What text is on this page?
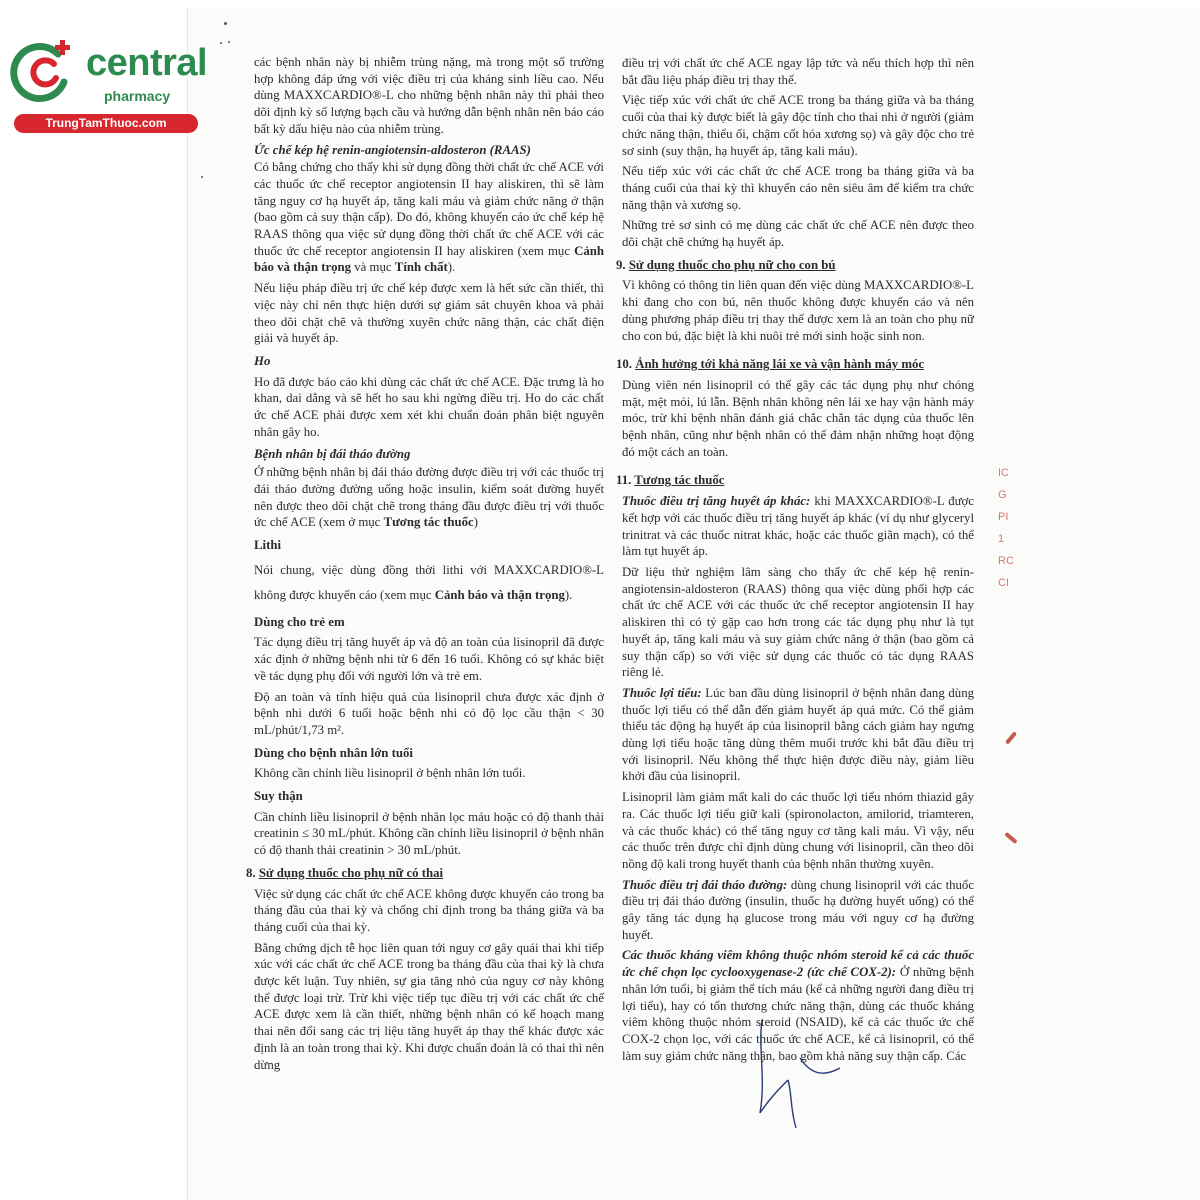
central
pharmacy
TrungTamThuoc.com

các bệnh nhân này bị nhiễm trùng nặng, mà trong một số trường hợp không đáp ứng với việc điều trị của kháng sinh liều cao. Nếu dùng MAXXCARDIO®-L cho những bệnh nhân này thì phải theo dõi định kỳ số lượng bạch cầu và hướng dẫn bệnh nhân nên báo cáo bất kỳ dấu hiệu nào của nhiễm trùng.

Ức chế kép hệ renin-angiotensin-aldosteron (RAAS)

Có bằng chứng cho thấy khi sử dụng đồng thời chất ức chế ACE với các thuốc ức chế receptor angiotensin II hay aliskiren, thì sẽ làm tăng nguy cơ hạ huyết áp, tăng kali máu và giảm chức năng ở thận (bao gồm cả suy thận cấp). Do đó, không khuyến cáo ức chế kép hệ RAAS thông qua việc sử dụng đồng thời chất ức chế ACE với các thuốc ức chế receptor angiotensin II hay aliskiren (xem mục Cảnh báo và thận trọng và mục Tính chất).

Nếu liệu pháp điều trị ức chế kép được xem là hết sức cần thiết, thì việc này chỉ nên thực hiện dưới sự giám sát chuyên khoa và phải theo dõi chặt chẽ và thường xuyên chức năng thận, các chất điện giải và huyết áp.

Ho

Ho đã được báo cáo khi dùng các chất ức chế ACE. Đặc trưng là ho khan, dai dẳng và sẽ hết ho sau khi ngừng điều trị. Ho do các chất ức chế ACE phải được xem xét khi chuẩn đoán phân biệt nguyên nhân gây ho.

Bệnh nhân bị đái tháo đường

Ở những bệnh nhân bị đái tháo đường được điều trị với các thuốc trị đái tháo đường đường uống hoặc insulin, kiểm soát đường huyết nên được theo dõi chặt chẽ trong tháng đầu được điều trị với thuốc ức chế ACE (xem ở mục Tương tác thuốc)

Lithi

Nói chung, việc dùng đồng thời lithi với MAXXCARDIO®-L không được khuyến cáo (xem mục Cảnh báo và thận trọng).

Dùng cho trẻ em

Tác dụng điều trị tăng huyết áp và độ an toàn của lisinopril đã được xác định ở những bệnh nhi từ 6 đến 16 tuổi. Không có sự khác biệt về tác dụng phụ đối với người lớn và trẻ em.

Độ an toàn và tính hiệu quả của lisinopril chưa được xác định ở bệnh nhi dưới 6 tuổi hoặc bệnh nhi có độ lọc cầu thận < 30 mL/phút/1,73 m².

Dùng cho bệnh nhân lớn tuổi

Không cần chỉnh liều lisinopril ở bệnh nhân lớn tuổi.

Suy thận

Cần chỉnh liều lisinopril ở bệnh nhân lọc máu hoặc có độ thanh thải creatinin ≤ 30 mL/phút. Không cần chỉnh liều lisinopril ở bệnh nhân có độ thanh thải creatinin > 30 mL/phút.

8. Sử dụng thuốc cho phụ nữ có thai

Việc sử dụng các chất ức chế ACE không được khuyến cáo trong ba tháng đầu của thai kỳ và chống chỉ định trong ba tháng giữa và ba tháng cuối của thai kỳ.

Bằng chứng dịch tễ học liên quan tới nguy cơ gây quái thai khi tiếp xúc với các chất ức chế ACE trong ba tháng đầu của thai kỳ là chưa được kết luận. Tuy nhiên, sự gia tăng nhỏ của nguy cơ này không thể được loại trừ. Trừ khi việc tiếp tục điều trị với các chất ức chế ACE được xem là cần thiết, những bệnh nhân có kế hoạch mang thai nên đổi sang các trị liệu tăng huyết áp thay thế khác được xác định là an toàn trong thai kỳ. Khi được chuẩn đoán là có thai thì nên dừng

điều trị với chất ức chế ACE ngay lập tức và nếu thích hợp thì nên bắt đầu liệu pháp điều trị thay thế.

Việc tiếp xúc với chất ức chế ACE trong ba tháng giữa và ba tháng cuối của thai kỳ được biết là gây độc tính cho thai nhi ở người (giảm chức năng thận, thiểu ối, chậm cốt hóa xương sọ) và gây độc cho trẻ sơ sinh (suy thận, hạ huyết áp, tăng kali máu).

Nếu tiếp xúc với các chất ức chế ACE trong ba tháng giữa và ba tháng cuối của thai kỳ thì khuyến cáo nên siêu âm để kiểm tra chức năng thận và xương sọ.

Những trẻ sơ sinh có mẹ dùng các chất ức chế ACE nên được theo dõi chặt chẽ chứng hạ huyết áp.

9. Sử dụng thuốc cho phụ nữ cho con bú

Vì không có thông tin liên quan đến việc dùng MAXXCARDIO®-L khi đang cho con bú, nên thuốc không được khuyến cáo và nên dùng phương pháp điều trị thay thế được xem là an toàn cho phụ nữ cho con bú, đặc biệt là khi nuôi trẻ mới sinh hoặc sinh non.

10. Ảnh hưởng tới khả năng lái xe và vận hành máy móc

Dùng viên nén lisinopril có thể gây các tác dụng phụ như chóng mặt, mệt mỏi, lú lẫn. Bệnh nhân không nên lái xe hay vận hành máy móc, trừ khi bệnh nhân đánh giá chắc chắn tác dụng của thuốc lên bệnh nhân, cũng như bệnh nhân có thể đảm nhận những hoạt động đó một cách an toàn.

11. Tương tác thuốc

Thuốc điều trị tăng huyết áp khác: khi MAXXCARDIO®-L được kết hợp với các thuốc điều trị tăng huyết áp khác (ví dụ như glyceryl trinitrat và các thuốc nitrat khác, hoặc các thuốc giãn mạch), có thể làm tụt huyết áp.

Dữ liệu thử nghiệm lâm sàng cho thấy ức chế kép hệ renin-angiotensin-aldosteron (RAAS) thông qua việc dùng phối hợp các chất ức chế ACE với các thuốc ức chế receptor angiotensin II hay aliskiren thì có tỷ gặp cao hơn trong các tác dụng phụ như là tụt huyết áp, tăng kali máu và suy giảm chức năng ở thận (bao gồm cả suy thận cấp) so với việc sử dụng các thuốc có tác dụng RAAS riêng lẻ.

Thuốc lợi tiểu: Lúc ban đầu dùng lisinopril ở bệnh nhân đang dùng thuốc lợi tiểu có thể dẫn đến giảm huyết áp quá mức. Có thể giảm thiểu tác động hạ huyết áp của lisinopril bằng cách giảm hay ngưng dùng lợi tiểu hoặc tăng dùng thêm muối trước khi bắt đầu điều trị với lisinopril. Nếu không thể thực hiện được điều này, giảm liều khởi đầu của lisinopril.

Lisinopril làm giảm mất kali do các thuốc lợi tiểu nhóm thiazid gây ra. Các thuốc lợi tiểu giữ kali (spironolacton, amilorid, triamteren, và các thuốc khác) có thể tăng nguy cơ tăng kali máu. Vì vậy, nếu các thuốc trên được chỉ định dùng chung với lisinopril, cần theo dõi nồng độ kali trong huyết thanh của bệnh nhân thường xuyên.

Thuốc điều trị đái tháo đường: dùng chung lisinopril với các thuốc điều trị đái tháo đường (insulin, thuốc hạ đường huyết uống) có thể gây tăng tác dụng hạ glucose trong máu với nguy cơ hạ đường huyết.

Các thuốc kháng viêm không thuộc nhóm steroid kể cả các thuốc ức chế chọn lọc cyclooxygenase-2 (ức chế COX-2): Ở những bệnh nhân lớn tuổi, bị giảm thể tích máu (kể cả những người đang điều trị lợi tiểu), hay có tổn thương chức năng thận, dùng các thuốc kháng viêm không thuộc nhóm steroid (NSAID), kể cả các thuốc ức chế COX-2 chọn lọc, với các thuốc ức chế ACE, kể cả lisinopril, có thể làm suy giảm chức năng thận, bao gồm khả năng suy thận cấp. Các

IC
G
PI
1
RC
CI
